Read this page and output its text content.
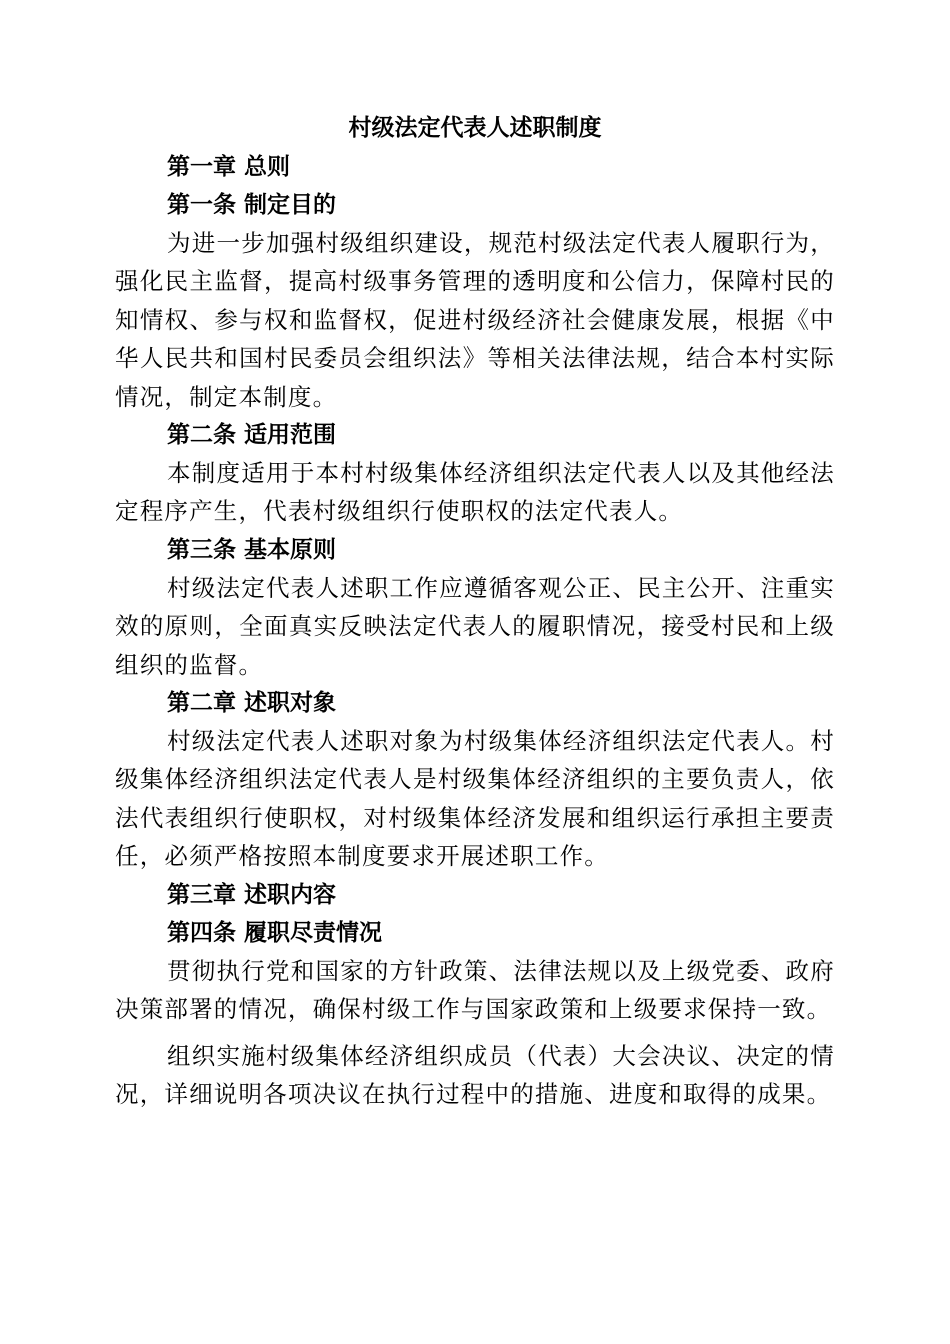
村级法定代表人述职制度
第一章 总则
第一条 制定目的

为进一步加强村级组织建设，规范村级法定代表人履职行为，强化民主监督，提高村级事务管理的透明度和公信力，保障村民的知情权、参与权和监督权，促进村级经济社会健康发展，根据《中华人民共和国村民委员会组织法》等相关法律法规，结合本村实际情况，制定本制度。

第二条 适用范围

本制度适用于本村村级集体经济组织法定代表人以及其他经法定程序产生，代表村级组织行使职权的法定代表人。

第三条 基本原则

村级法定代表人述职工作应遵循客观公正、民主公开、注重实效的原则，全面真实反映法定代表人的履职情况，接受村民和上级组织的监督。

第二章 述职对象

村级法定代表人述职对象为村级集体经济组织法定代表人。村级集体经济组织法定代表人是村级集体经济组织的主要负责人，依法代表组织行使职权，对村级集体经济发展和组织运行承担主要责任，必须严格按照本制度要求开展述职工作。

第三章 述职内容
第四条 履职尽责情况

贯彻执行党和国家的方针政策、法律法规以及上级党委、政府决策部署的情况，确保村级工作与国家政策和上级要求保持一致。

组织实施村级集体经济组织成员（代表）大会决议、决定的情况，详细说明各项决议在执行过程中的措施、进度和取得的成果。
